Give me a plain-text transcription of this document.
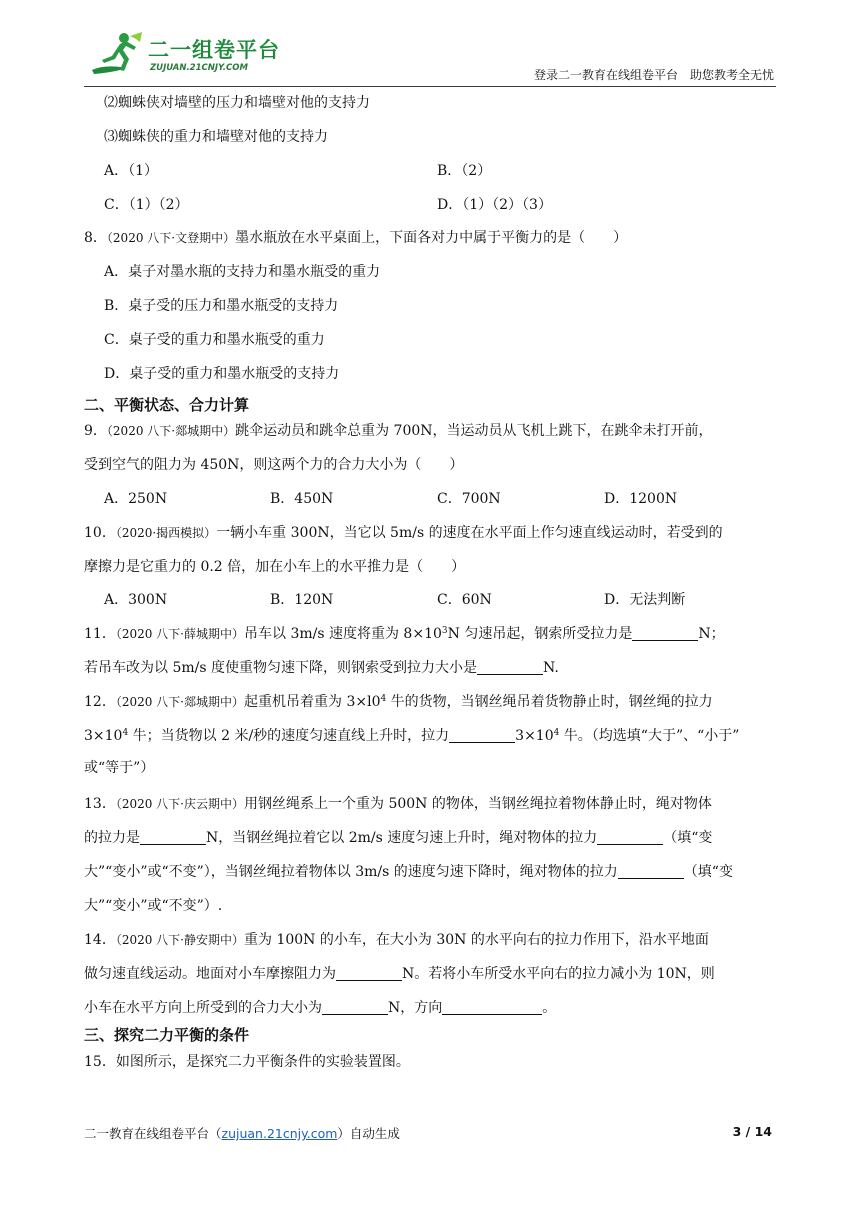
二一组卷平台
ZUJUAN.21CNJY.COM	登录二一教育在线组卷平台 助您教考全无忧
⑵蜘蛛侠对墙壁的压力和墙壁对他的支持力
⑶蜘蛛侠的重力和墙壁对他的支持力
A．（1）	B．（2）
C．（1）（2）	D．（1）（2）（3）
8．（2020 八下·文登期中）墨水瓶放在水平桌面上，下面各对力中属于平衡力的是（　　）
A．桌子对墨水瓶的支持力和墨水瓶受的重力
B．桌子受的压力和墨水瓶受的支持力
C．桌子受的重力和墨水瓶受的重力
D．桌子受的重力和墨水瓶受的支持力
二、平衡状态、合力计算
9．（2020 八下·郯城期中）跳伞运动员和跳伞总重为 700N，当运动员从飞机上跳下，在跳伞未打开前，
受到空气的阻力为 450N，则这两个力的合力大小为（　　）
A．250N	B．450N	C．700N	D．1200N
10．（2020·揭西模拟）一辆小车重 300N，当它以 5m/s 的速度在水平面上作匀速直线运动时，若受到的
摩擦力是它重力的 0.2 倍，加在小车上的水平推力是（　　）
A．300N	B．120N	C．60N	D．无法判断
11．（2020 八下·薛城期中）吊车以 3m/s 速度将重为 $8\times 10^3N$ 匀速吊起，钢索所受拉力是	N；
若吊车改为以 5m/s 度使重物匀速下降，则钢索受到拉力大小是	N.
12．（2020 八下·郯城期中）起重机吊着重为 $3\times l0^4$ 牛的货物，当钢丝绳吊着货物静止时，钢丝绳的拉力
$3\times 10^4$ 牛；当货物以 2 米/秒的速度匀速直线上升时，拉力	$3\times 10^4$ 牛。（均选填“大于”、“小于”
或“等于”）
13．（2020 八下·庆云期中）用钢丝绳系上一个重为 500N 的物体，当钢丝绳拉着物体静止时，绳对物体
的拉力是	N，当钢丝绳拉着它以 2m/s 速度匀速上升时，绳对物体的拉力	（填“变
大”“变小”或“不变”），当钢丝绳拉着物体以 3m/s 的速度匀速下降时，绳对物体的拉力	（填“变
大”“变小”或“不变”）.
14．（2020 八下·静安期中）重为 100N 的小车，在大小为 30N 的水平向右的拉力作用下，沿水平地面
做匀速直线运动。地面对小车摩擦阻力为	N。若将小车所受水平向右的拉力减小为 10N，则
小车在水平方向上所受到的合力大小为	N，方向	。
三、探究二力平衡的条件
15．如图所示，是探究二力平衡条件的实验装置图。
二一教育在线组卷平台（zujuan.21cnjy.com）自动生成	3 / 14
